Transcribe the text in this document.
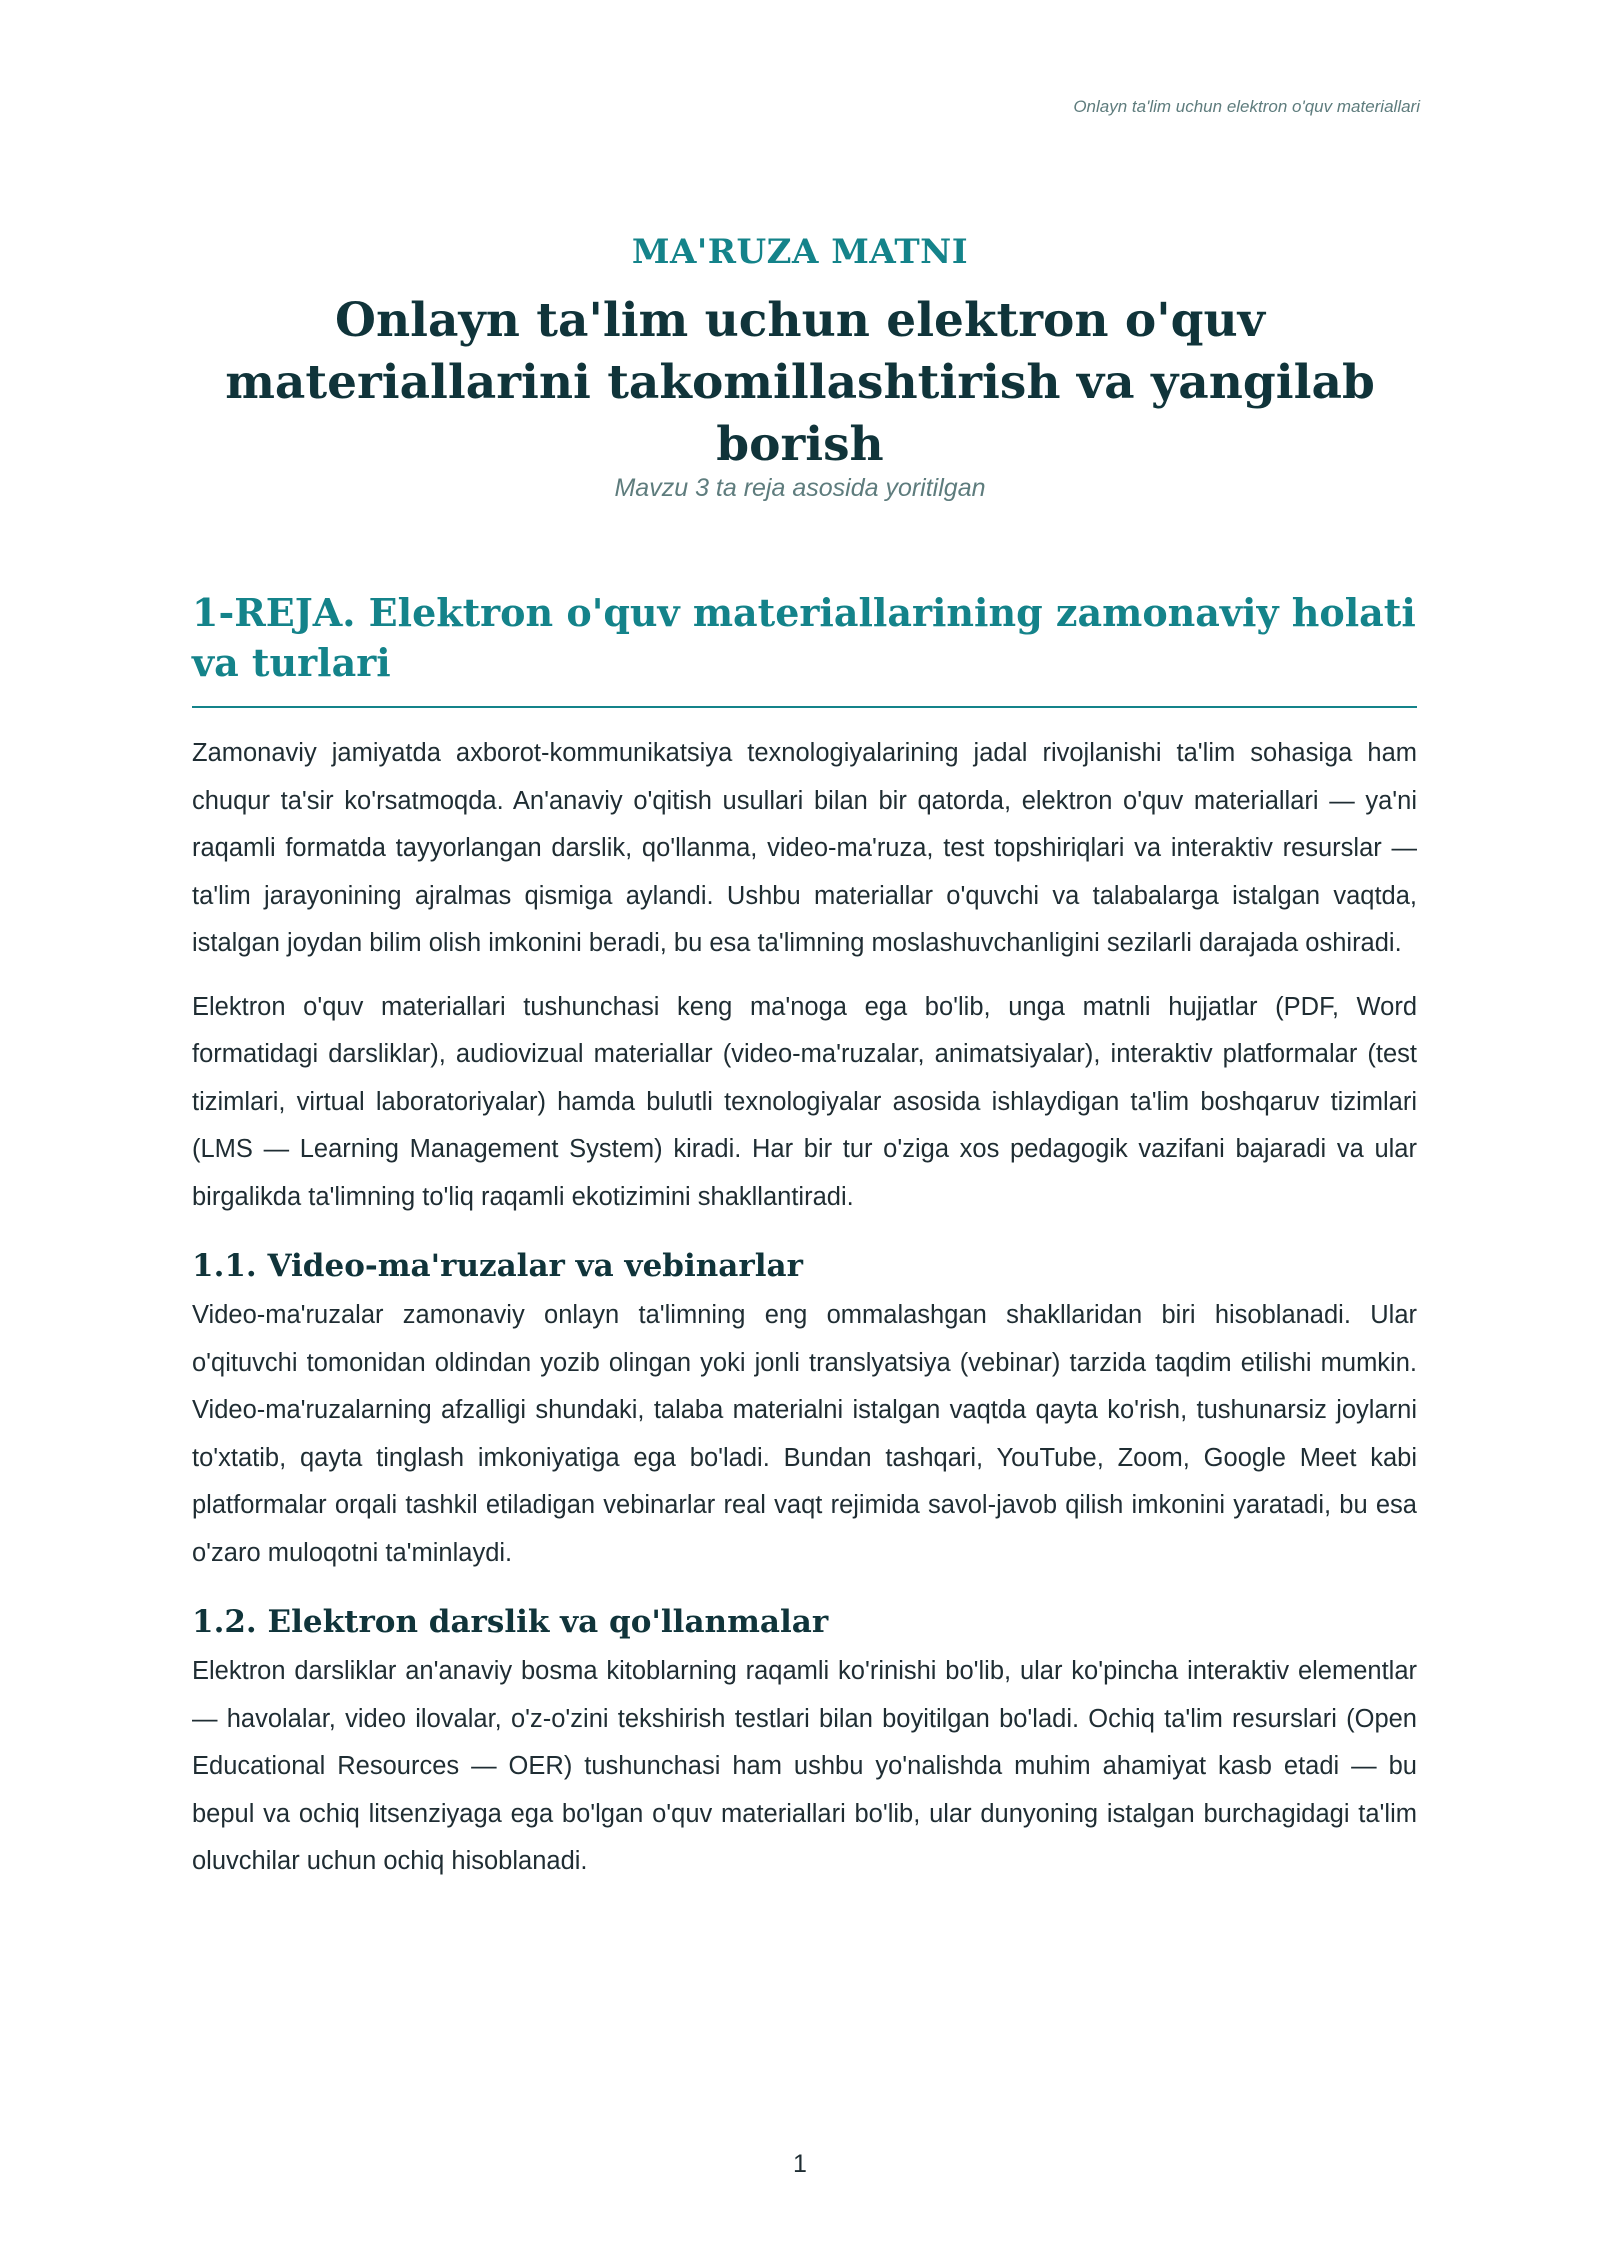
Onlayn ta'lim uchun elektron o'quv materiallari
MA'RUZA MATNI
Onlayn ta'lim uchun elektron o'quv materiallarini takomillashtirish va yangilab borish
Mavzu 3 ta reja asosida yoritilgan
1-REJA. Elektron o'quv materiallarining zamonaviy holati va turlari

Zamonaviy jamiyatda axborot-kommunikatsiya texnologiyalarining jadal rivojlanishi ta'lim sohasiga ham chuqur ta'sir ko'rsatmoqda. An'anaviy o'qitish usullari bilan bir qatorda, elektron o'quv materiallari — ya'ni raqamli formatda tayyorlangan darslik, qo'llanma, video-ma'ruza, test topshiriqlari va interaktiv resurslar — ta'lim jarayonining ajralmas qismiga aylandi. Ushbu materiallar o'quvchi va talabalarga istalgan vaqtda, istalgan joydan bilim olish imkonini beradi, bu esa ta'limning moslashuvchanligini sezilarli darajada oshiradi.

Elektron o'quv materiallari tushunchasi keng ma'noga ega bo'lib, unga matnli hujjatlar (PDF, Word formatidagi darsliklar), audiovizual materiallar (video-ma'ruzalar, animatsiyalar), interaktiv platformalar (test tizimlari, virtual laboratoriyalar) hamda bulutli texnologiyalar asosida ishlaydigan ta'lim boshqaruv tizimlari (LMS — Learning Management System) kiradi. Har bir tur o'ziga xos pedagogik vazifani bajaradi va ular birgalikda ta'limning to'liq raqamli ekotizimini shakllantiradi.

1.1. Video-ma'ruzalar va vebinarlar

Video-ma'ruzalar zamonaviy onlayn ta'limning eng ommalashgan shakllaridan biri hisoblanadi. Ular o'qituvchi tomonidan oldindan yozib olingan yoki jonli translyatsiya (vebinar) tarzida taqdim etilishi mumkin. Video-ma'ruzalarning afzalligi shundaki, talaba materialni istalgan vaqtda qayta ko'rish, tushunarsiz joylarni to'xtatib, qayta tinglash imkoniyatiga ega bo'ladi. Bundan tashqari, YouTube, Zoom, Google Meet kabi platformalar orqali tashkil etiladigan vebinarlar real vaqt rejimida savol-javob qilish imkonini yaratadi, bu esa o'zaro muloqotni ta'minlaydi.

1.2. Elektron darslik va qo'llanmalar

Elektron darsliklar an'anaviy bosma kitoblarning raqamli ko'rinishi bo'lib, ular ko'pincha interaktiv elementlar — havolalar, video ilovalar, o'z-o'zini tekshirish testlari bilan boyitilgan bo'ladi. Ochiq ta'lim resurslari (Open Educational Resources — OER) tushunchasi ham ushbu yo'nalishda muhim ahamiyat kasb etadi — bu bepul va ochiq litsenziyaga ega bo'lgan o'quv materiallari bo'lib, ular dunyoning istalgan burchagidagi ta'lim oluvchilar uchun ochiq hisoblanadi.

1
